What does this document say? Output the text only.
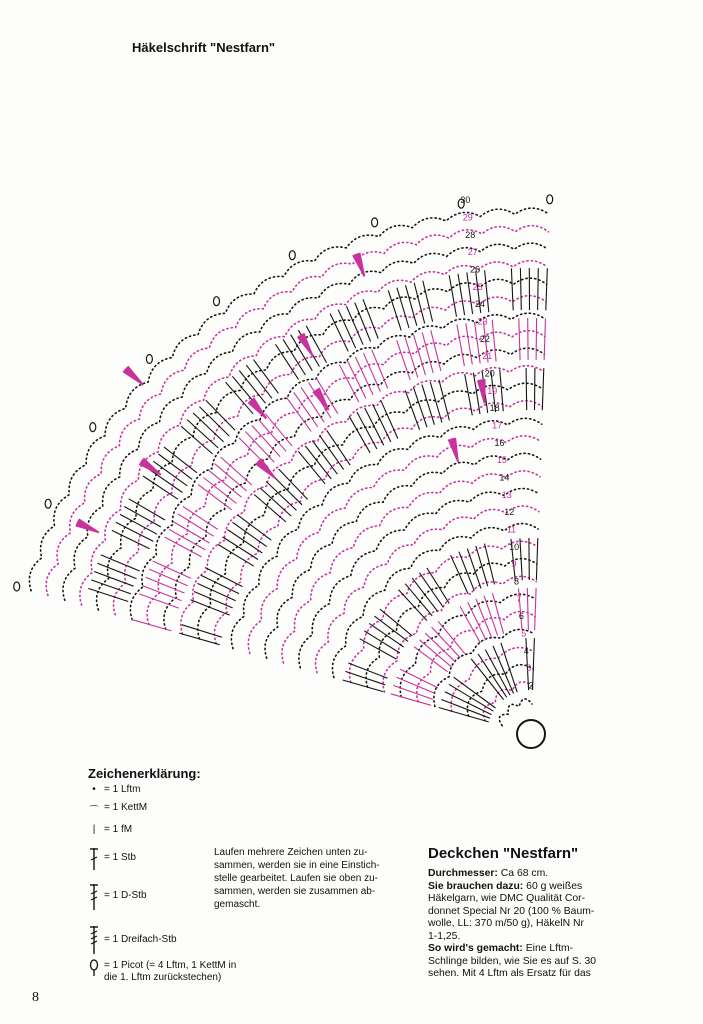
Häkelschrift "Nestfarn"
2
3
4
5
6
7
8
9
10
11
12
13
14
15
16
17
18
19
20
21
22
23
24
25
26
27
28
29
30
Zeichenerklärung:
• = 1 Lftm
⌒ = 1 KettM
| = 1 fM
= 1 Stb
= 1 D-Stb
= 1 Dreifach-Stb
= 1 Picot (= 4 Lftm, 1 KettM in
die 1. Lftm zurückstechen)
Laufen mehrere Zeichen unten zu-
sammen, werden sie in eine Einstich-
stelle gearbeitet. Laufen sie oben zu-
sammen, werden sie zusammen ab-
gemascht.
Deckchen "Nestfarn"
Durchmesser: Ca 68 cm.
Sie brauchen dazu: 60 g weißes
Häkelgarn, wie DMC Qualität Cor-
donnet Special Nr 20 (100 % Baum-
wolle, LL: 370 m/50 g), HäkelN Nr
1-1,25.
So wird's gemacht: Eine Lftm-
Schlinge bilden, wie Sie es auf S. 30
sehen. Mit 4 Lftm als Ersatz für das
8
